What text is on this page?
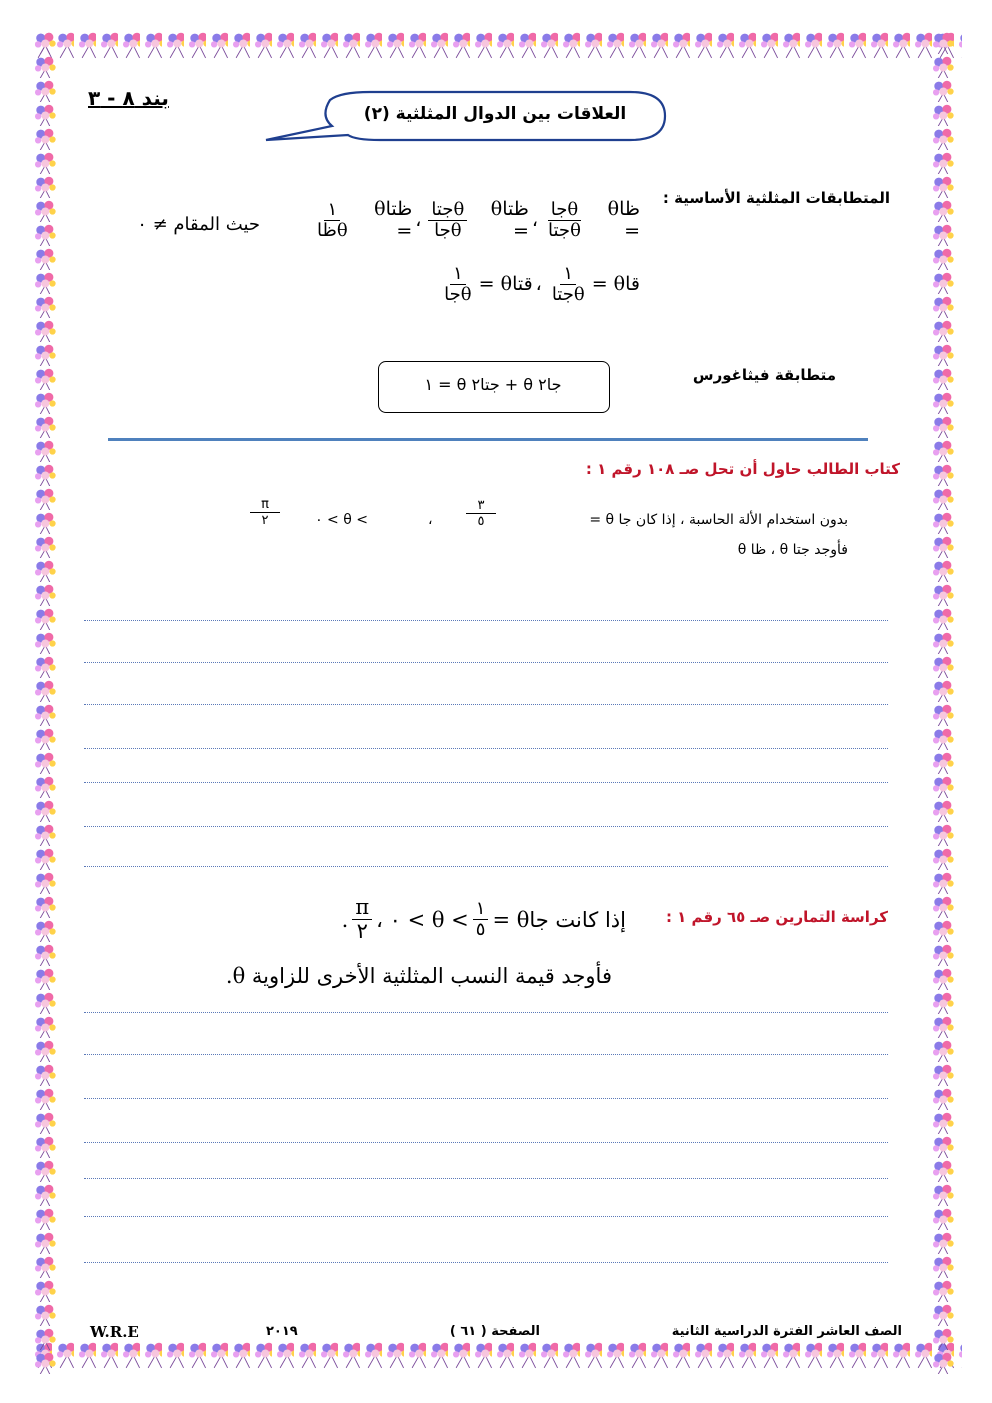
بند ٨ - ٣
العلاقات بين الدوال المثلثية (٢)
المتطابقات المثلثية الأساسية :
$\frac{١}{\text{ظاθ}}$	ظتاθ = ، $\frac{\text{جتاθ}}{\text{جاθ}}$	ظتاθ = ، $\frac{\text{جاθ}}{\text{جتاθ}}$	ظاθ =
حيث المقام ≠ ٠
$\frac{١}{\text{جاθ}}$ قتاθ = ، $\frac{١}{\text{جتاθ}}$ قاθ =
متطابقة فيثاغورس
جا٢ θ + جتا٢ θ = ١
كتاب الطالب حاول أن تحل صـ ١٠٨ رقم ١ :
بدون استخدام الألة الحاسبة ، إذا كان جا θ =
٣
٥
،
٠ < θ <
π
٢
فأوجد جتا θ ، ظا θ
كراسة التمارين صـ ٦٥ رقم ١ :
. $\frac{\pi}{٢}$ ، ٠ < $\theta < \frac{١}{٥}$ إذا كانت جاθ =
فأوجد قيمة النسب المثلثية الأخرى للزاوية θ.
الصف العاشر الفترة الدراسية الثانية
الصفحة ( ٦١ )
٢٠١٩
W.R.E
